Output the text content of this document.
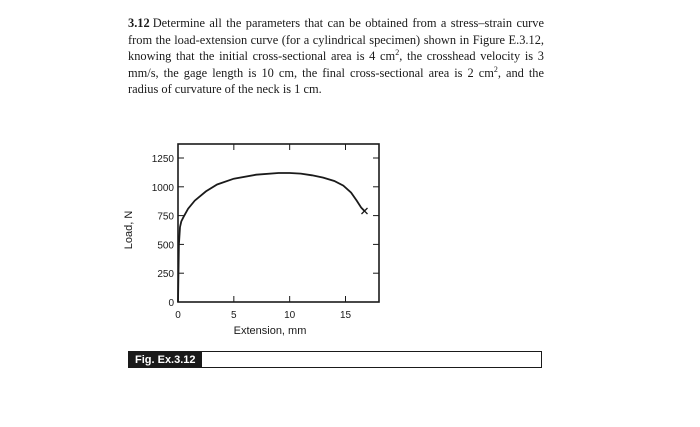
3.12 Determine all the parameters that can be obtained from a stress–strain curve from the load-extension curve (for a cylindrical specimen) shown in Figure E.3.12, knowing that the initial cross-sectional area is 4 $cm^2$, the crosshead velocity is 3 mm/s, the gage length is 10 cm, the final cross-sectional area is 2 $cm^2$, and the radius of curvature of the neck is 1 cm.

0
250
500
750
1000
1250
0	5	10	15
Extension, mm
Load, N
Fig. Ex.3.12
